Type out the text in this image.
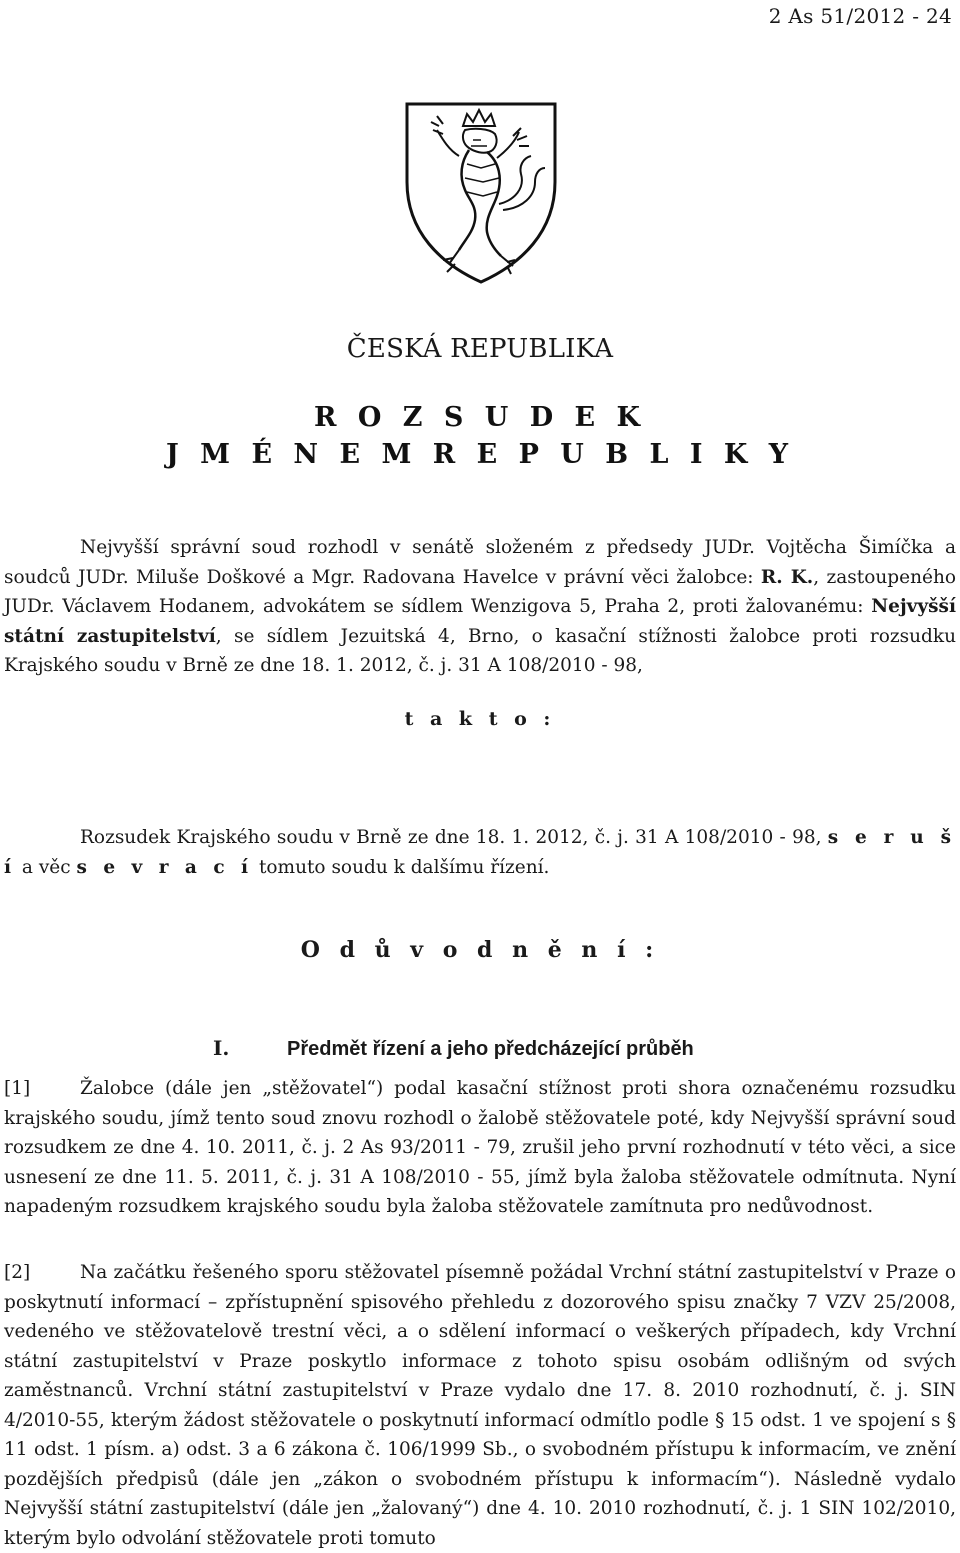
2 As 51/2012 - 24
ČESKÁ REPUBLIKA
R O Z S U D E K
J M É N E M R E P U B L I K Y
Nejvyšší správní soud rozhodl v senátě složeném z předsedy JUDr. Vojtěcha Šimíčka a soudců JUDr. Miluše Doškové a Mgr. Radovana Havelce v právní věci žalobce: R. K., zastoupeného JUDr. Václavem Hodanem, advokátem se sídlem Wenzigova 5, Praha 2, proti žalovanému: Nejvyšší státní zastupitelství, se sídlem Jezuitská 4, Brno, o kasační stížnosti žalobce proti rozsudku Krajského soudu v Brně ze dne 18. 1. 2012, č. j. 31 A 108/2010 - 98,
t a k t o :
Rozsudek Krajského soudu v Brně ze dne 18. 1. 2012, č. j. 31 A 108/2010 - 98, s e r u š í a věc s e v r a c í tomuto soudu k dalšímu řízení.
O d ů v o d n ě n í :
I.	Předmět řízení a jeho předcházející průběh
[1]	Žalobce (dále jen „stěžovatel“) podal kasační stížnost proti shora označenému rozsudku krajského soudu, jímž tento soud znovu rozhodl o žalobě stěžovatele poté, kdy Nejvyšší správní soud rozsudkem ze dne 4. 10. 2011, č. j. 2 As 93/2011 - 79, zrušil jeho první rozhodnutí v této věci, a sice usnesení ze dne 11. 5. 2011, č. j. 31 A 108/2010 - 55, jímž byla žaloba stěžovatele odmítnuta. Nyní napadeným rozsudkem krajského soudu byla žaloba stěžovatele zamítnuta pro nedůvodnost.
[2]	Na začátku řešeného sporu stěžovatel písemně požádal Vrchní státní zastupitelství v Praze o poskytnutí informací – zpřístupnění spisového přehledu z dozorového spisu značky 7 VZV 25/2008, vedeného ve stěžovatelově trestní věci, a o sdělení informací o veškerých případech, kdy Vrchní státní zastupitelství v Praze poskytlo informace z tohoto spisu osobám odlišným od svých zaměstnanců. Vrchní státní zastupitelství v Praze vydalo dne 17. 8. 2010 rozhodnutí, č. j. SIN 4/2010-55, kterým žádost stěžovatele o poskytnutí informací odmítlo podle § 15 odst. 1 ve spojení s § 11 odst. 1 písm. a) odst. 3 a 6 zákona č. 106/1999 Sb., o svobodném přístupu k informacím, ve znění pozdějších předpisů (dále jen „zákon o svobodném přístupu k informacím“). Následně vydalo Nejvyšší státní zastupitelství (dále jen „žalovaný“) dne 4. 10. 2010 rozhodnutí, č. j. 1 SIN 102/2010, kterým bylo odvolání stěžovatele proti tomuto
